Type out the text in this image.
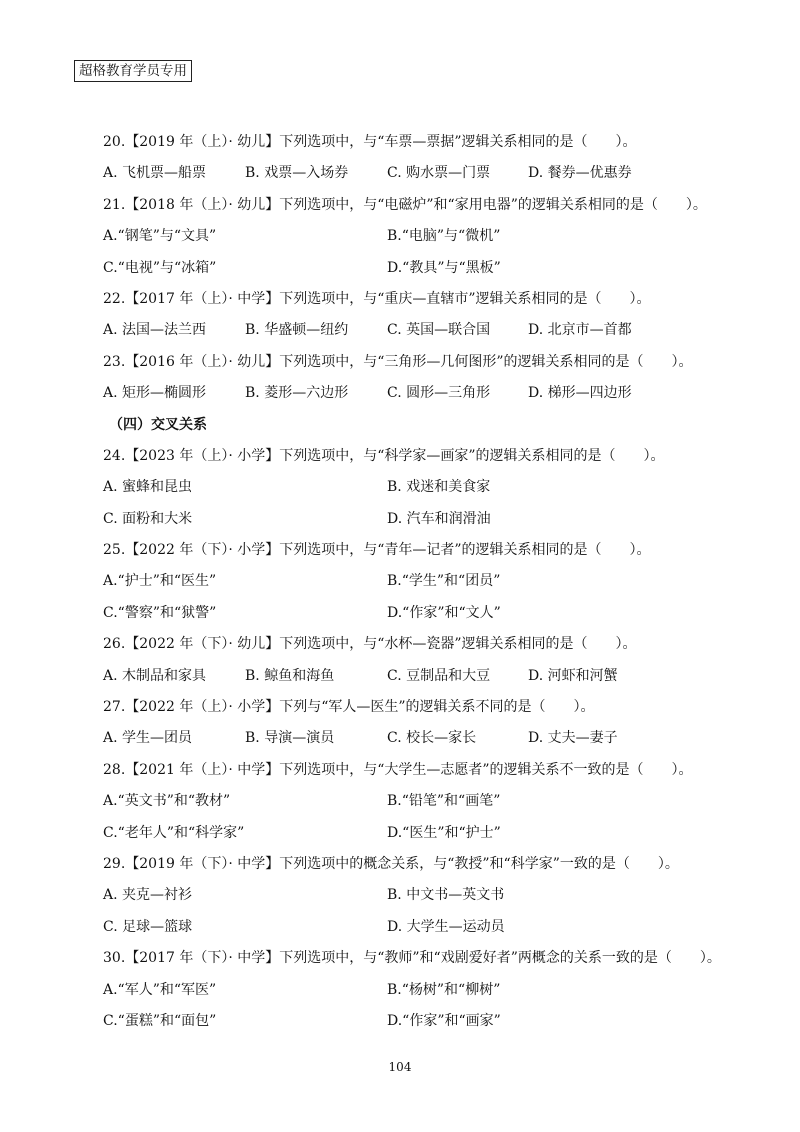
超格教育学员专用
20.【2019 年（上）· 幼儿】下列选项中，与“车票—票据”逻辑关系相同的是（　　）。
A. 飞机票—船票	B. 戏票—入场券	C. 购水票—门票	D. 餐券—优惠券
21.【2018 年（上）· 幼儿】下列选项中，与“电磁炉”和“家用电器”的逻辑关系相同的是（　　）。
A.“钢笔”与“文具”	B.“电脑”与“微机”
C.“电视”与“冰箱”	D.“教具”与“黑板”
22.【2017 年（上）· 中学】下列选项中，与“重庆—直辖市”逻辑关系相同的是（　　）。
A. 法国—法兰西	B. 华盛顿—纽约	C. 英国—联合国	D. 北京市—首都
23.【2016 年（上）· 幼儿】下列选项中，与“三角形—几何图形”的逻辑关系相同的是（　　）。
A. 矩形—椭圆形	B. 菱形—六边形	C. 圆形—三角形	D. 梯形—四边形
（四）交叉关系
24.【2023 年（上）· 小学】下列选项中，与“科学家—画家”的逻辑关系相同的是（　　）。
A. 蜜蜂和昆虫	B. 戏迷和美食家
C. 面粉和大米	D. 汽车和润滑油
25.【2022 年（下）· 小学】下列选项中，与“青年—记者”的逻辑关系相同的是（　　）。
A.“护士”和“医生”	B.“学生”和“团员”
C.“警察”和“狱警”	D.“作家”和“文人”
26.【2022 年（下）· 幼儿】下列选项中，与“水杯—瓷器”逻辑关系相同的是（　　）。
A. 木制品和家具	B. 鲸鱼和海鱼	C. 豆制品和大豆	D. 河虾和河蟹
27.【2022 年（上）· 小学】下列与“军人—医生”的逻辑关系不同的是（　　）。
A. 学生—团员	B. 导演—演员	C. 校长—家长	D. 丈夫—妻子
28.【2021 年（上）· 中学】下列选项中，与“大学生—志愿者”的逻辑关系不一致的是（　　）。
A.“英文书”和“教材”	B.“铅笔”和“画笔”
C.“老年人”和“科学家”	D.“医生”和“护士”
29.【2019 年（下）· 中学】下列选项中的概念关系，与“教授”和“科学家”一致的是（　　）。
A. 夹克—衬衫	B. 中文书—英文书
C. 足球—篮球	D. 大学生—运动员
30.【2017 年（下）· 中学】下列选项中，与“教师”和“戏剧爱好者”两概念的关系一致的是（　　）。
A.“军人”和“军医”	B.“杨树”和“柳树”
C.“蛋糕”和“面包”	D.“作家”和“画家”
104
